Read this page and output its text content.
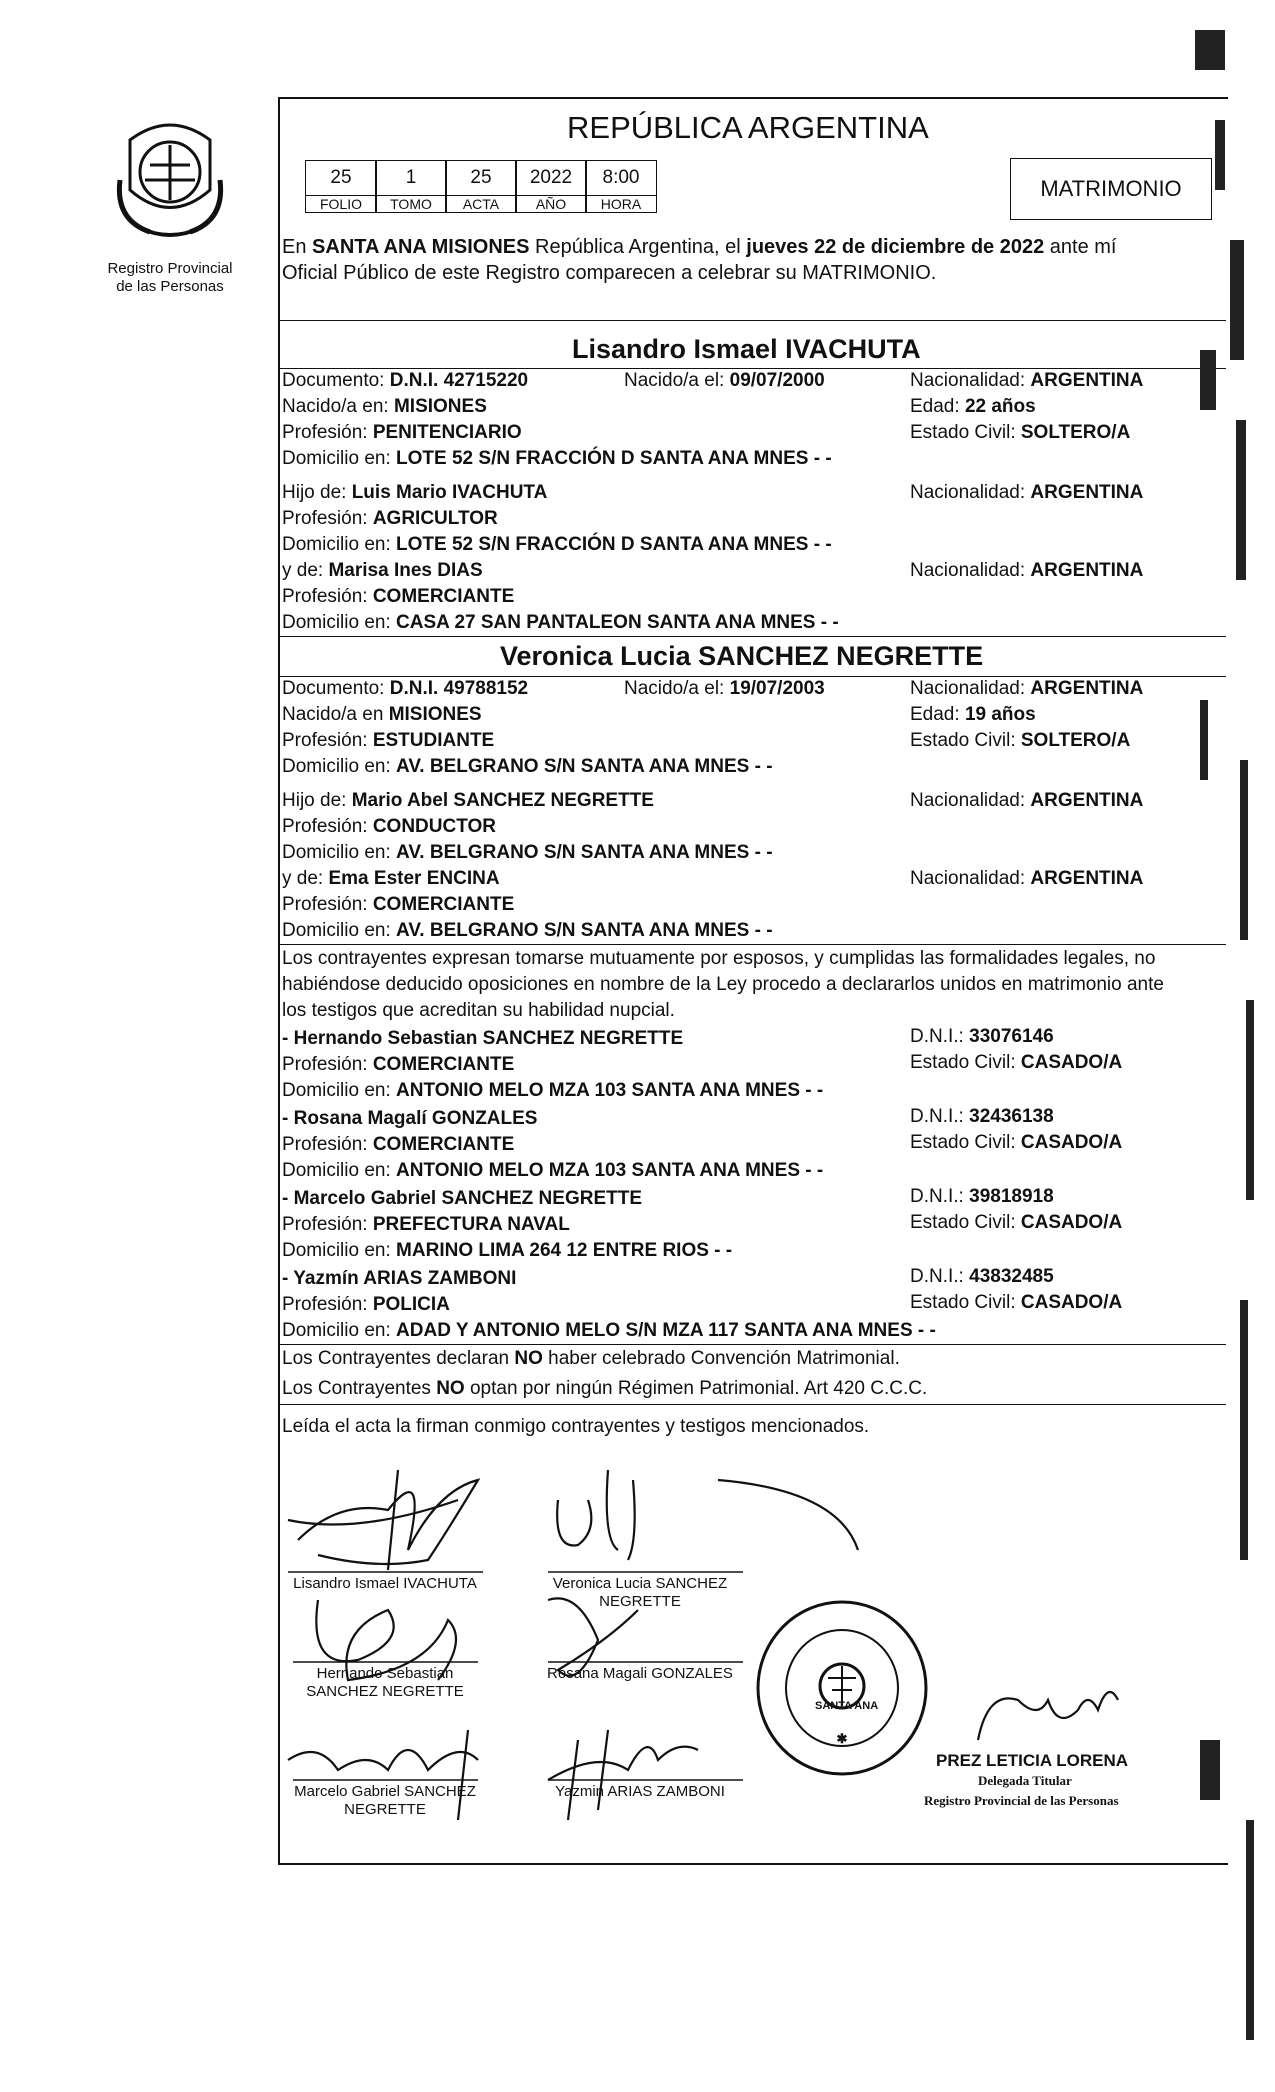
Registro Provincial
de las Personas
REPÚBLICA ARGENTINA
25
FOLIO
1
TOMO
25
ACTA
2022
AÑO
8:00
HORA
MATRIMONIO
En SANTA ANA MISIONES República Argentina, el jueves 22 de diciembre de 2022 ante mí
Oficial Público de este Registro comparecen a celebrar su MATRIMONIO.
Lisandro Ismael IVACHUTA
Documento: D.N.I. 42715220	Nacido/a el: 09/07/2000	Nacionalidad: ARGENTINA
Nacido/a en: MISIONES	Edad: 22 años
Profesión: PENITENCIARIO	Estado Civil: SOLTERO/A
Domicilio en: LOTE 52 S/N FRACCIÓN D SANTA ANA MNES - -
Hijo de: Luis Mario IVACHUTA	Nacionalidad: ARGENTINA
Profesión: AGRICULTOR
Domicilio en: LOTE 52 S/N FRACCIÓN D SANTA ANA MNES - -
y de: Marisa Ines DIAS	Nacionalidad: ARGENTINA
Profesión: COMERCIANTE
Domicilio en: CASA 27 SAN PANTALEON SANTA ANA MNES - -
Veronica Lucia SANCHEZ NEGRETTE
Documento: D.N.I. 49788152	Nacido/a el: 19/07/2003	Nacionalidad: ARGENTINA
Nacido/a en MISIONES	Edad: 19 años
Profesión: ESTUDIANTE	Estado Civil: SOLTERO/A
Domicilio en: AV. BELGRANO S/N SANTA ANA MNES - -
Hijo de: Mario Abel SANCHEZ NEGRETTE	Nacionalidad: ARGENTINA
Profesión: CONDUCTOR
Domicilio en: AV. BELGRANO S/N SANTA ANA MNES - -
y de: Ema Ester ENCINA	Nacionalidad: ARGENTINA
Profesión: COMERCIANTE
Domicilio en: AV. BELGRANO S/N SANTA ANA MNES - -
Los contrayentes expresan tomarse mutuamente por esposos, y cumplidas las formalidades legales, no
habiéndose deducido oposiciones en nombre de la Ley procedo a declararlos unidos en matrimonio ante
los testigos que acreditan su habilidad nupcial.
- Hernando Sebastian SANCHEZ NEGRETTE	D.N.I.: 33076146
Profesión: COMERCIANTE	Estado Civil: CASADO/A
Domicilio en: ANTONIO MELO MZA 103 SANTA ANA MNES - -
- Rosana Magalí GONZALES	D.N.I.: 32436138
Profesión: COMERCIANTE	Estado Civil: CASADO/A
Domicilio en: ANTONIO MELO MZA 103 SANTA ANA MNES - -
- Marcelo Gabriel SANCHEZ NEGRETTE	D.N.I.: 39818918
Profesión: PREFECTURA NAVAL	Estado Civil: CASADO/A
Domicilio en: MARINO LIMA 264 12 ENTRE RIOS - -
- Yazmín ARIAS ZAMBONI	D.N.I.: 43832485
Profesión: POLICIA	Estado Civil: CASADO/A
Domicilio en: ADAD Y ANTONIO MELO S/N MZA 117 SANTA ANA MNES - -
Los Contrayentes declaran NO haber celebrado Convención Matrimonial.
Los Contrayentes NO optan por ningún Régimen Patrimonial. Art 420 C.C.C.
Leída el acta la firman conmigo contrayentes y testigos mencionados.
Lisandro Ismael IVACHUTA	Veronica Lucia SANCHEZ
NEGRETTE
Hernando Sebastian
SANCHEZ NEGRETTE
Rosana Magali GONZALES
Marcelo Gabriel SANCHEZ
NEGRETTE
Yazmin ARIAS ZAMBONI
✱
DELEGACIÓN DEL REGISTRO PROVINCIAL DE LAS PERSONAS
SANTA ANA
PREZ LETICIA LORENA
Delegada Titular
Registro Provincial de las Personas
